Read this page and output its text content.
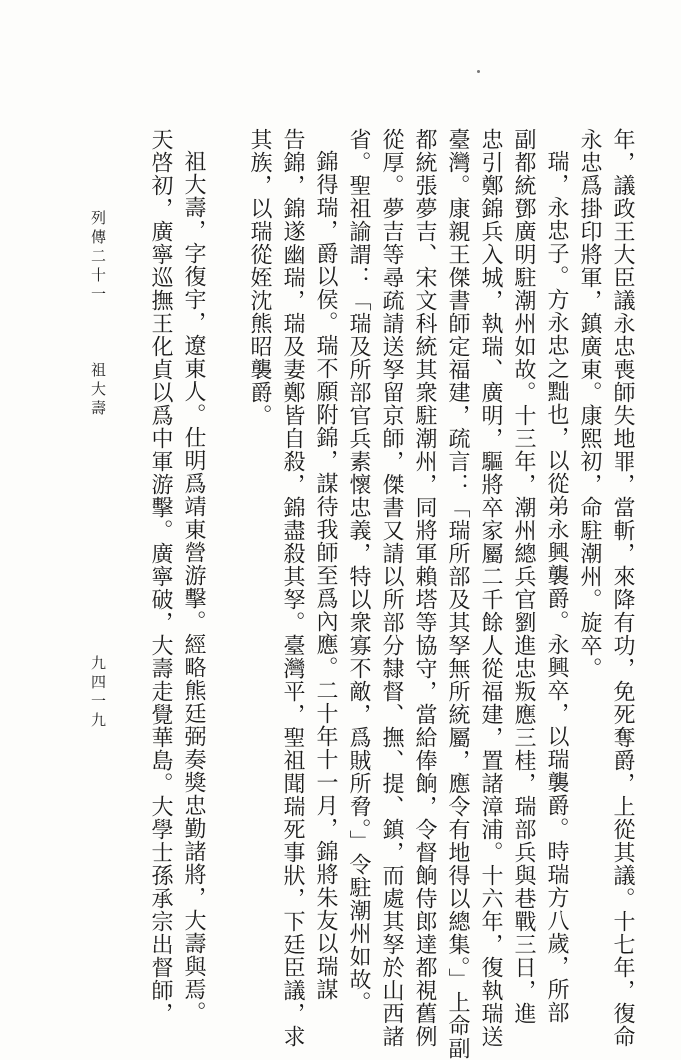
年，議政王大臣議永忠喪師失地罪，當斬，來降有功，免死奪爵，上從其議。十七年，復命
永忠爲掛印將軍，鎮廣東。康熙初，命駐潮州。旋卒。
瑞，永忠子。方永忠之黜也，以從弟永興襲爵。永興卒，以瑞襲爵。時瑞方八歲，所部
副都統鄧廣明駐潮州如故。十三年，潮州總兵官劉進忠叛應三桂，瑞部兵與巷戰三日，進
忠引鄭錦兵入城，執瑞、廣明，驅將卒家屬二千餘人從福建，置諸漳浦。十六年，復執瑞送
臺灣。康親王傑書師定福建，疏言：「瑞所部及其孥無所統屬，應令有地得以總集。」上命副
都統張夢吉、宋文科統其衆駐潮州，同將軍賴塔等協守，當給俸餉，令督餉侍郎達都視舊例
從厚。夢吉等尋疏請送孥留京師，傑書又請以所部分隸督、撫、提、鎮，而處其孥於山西諸
省。聖祖諭謂：「瑞及所部官兵素懷忠義，特以衆寡不敵，爲賊所脅。」令駐潮州如故。
錦得瑞，爵以侯。瑞不願附錦，謀待我師至爲內應。二十年十一月，錦將朱友以瑞謀
告錦，錦遂幽瑞，瑞及妻鄭皆自殺，錦盡殺其孥。臺灣平，聖祖聞瑞死事狀，下廷臣議，求
其族，以瑞從姪沈熊昭襲爵。
祖大壽，字復宇，遼東人。仕明爲靖東營游擊。經略熊廷弼奏獎忠勤諸將，大壽與焉。
天啓初，廣寧巡撫王化貞以爲中軍游擊。廣寧破，大壽走覺華島。大學士孫承宗出督師，
列傳二十一
祖大壽
九四一九
